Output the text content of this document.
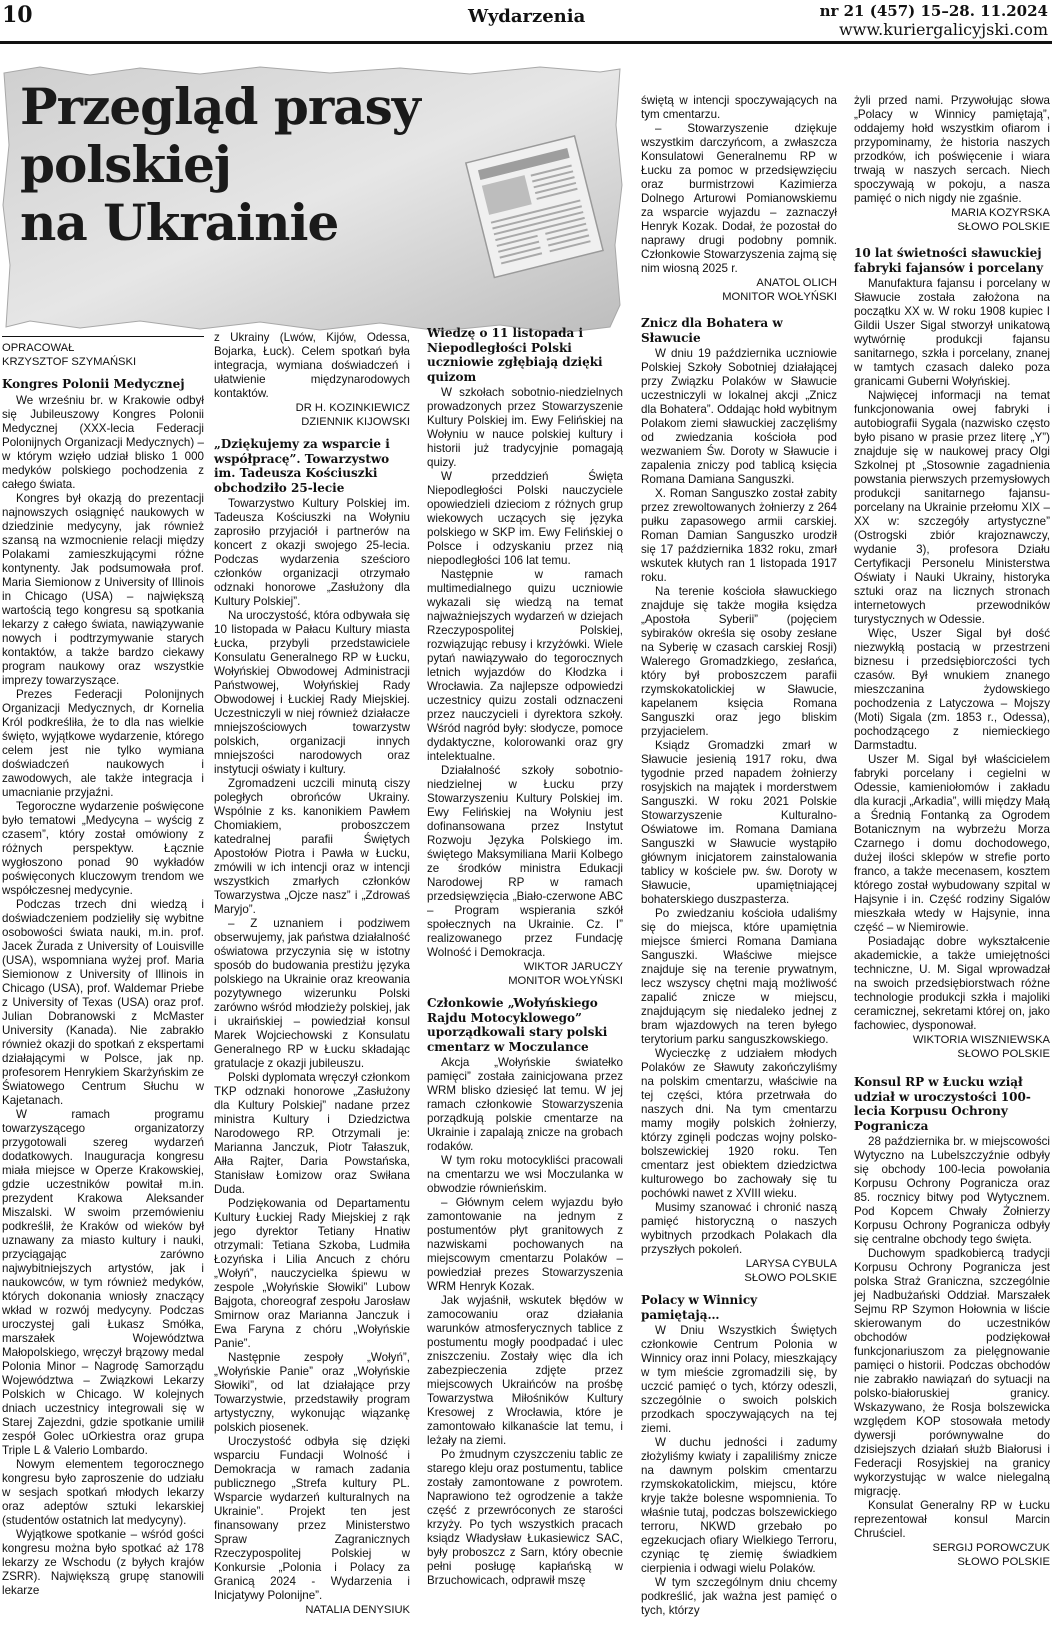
10	Wydarzenia	nr 21 (457) 15–28. 11.2024
www.kuriergalicyjski.com
Przegląd prasy
polskiej
na Ukrainie
OPRACOWAŁ
KRZYSZTOF SZYMAŃSKI
Kongres Polonii Medycznej

We wrześniu br. w Krakowie odbył się Jubileuszowy Kongres Polonii Medycznej (XXX-lecia Federacji Polonijnych Organizacji Medycznych) – w którym wzięło udział blisko 1 000 medyków polskiego pochodzenia z całego świata.

Kongres był okazją do prezentacji najnowszych osiągnięć naukowych w dziedzinie medycyny, jak również szansą na wzmocnienie relacji między Polakami zamieszkującymi różne kontynenty. Jak podsumowała prof. Maria Siemionow z University of Illinois in Chicago (USA) – największą wartością tego kongresu są spotkania lekarzy z całego świata, nawiązywanie nowych i podtrzymywanie starych kontaktów, a także bardzo ciekawy program naukowy oraz wszystkie imprezy towarzyszące.

Prezes Federacji Polonijnych Organizacji Medycznych, dr Kornelia Król podkreśliła, że to dla nas wielkie święto, wyjątkowe wydarzenie, którego celem jest nie tylko wymiana doświadczeń naukowych i zawodowych, ale także integracja i umacnianie przyjaźni.

Tegoroczne wydarzenie poświęcone było tematowi „Medycyna – wyścig z czasem”, który został omówiony z różnych perspektyw. Łącznie wygłoszono ponad 90 wykładów poświęconych kluczowym trendom we współczesnej medycynie.

Podczas trzech dni wiedzą i doświadczeniem podzieliły się wybitne osobowości świata nauki, m.in. prof. Jacek Żurada z University of Louisville (USA), wspomniana wyżej prof. Maria Siemionow z University of Illinois in Chicago (USA), prof. Waldemar Priebe z University of Texas (USA) oraz prof. Julian Dobranowski z McMaster University (Kanada). Nie zabrakło również okazji do spotkań z ekspertami działającymi w Polsce, jak np. profesorem Henrykiem Skarżyńskim ze Światowego Centrum Słuchu w Kajetanach.

W ramach programu towarzyszącego organizatorzy przygotowali szereg wydarzeń dodatkowych. Inauguracja kongresu miała miejsce w Operze Krakowskiej, gdzie uczestników powitał m.in. prezydent Krakowa Aleksander Miszalski. W swoim przemówieniu podkreślił, że Kraków od wieków był uznawany za miasto kultury i nauki, przyciągając zarówno najwybitniejszych artystów, jak i naukowców, w tym również medyków, których dokonania wniosły znaczący wkład w rozwój medycyny. Podczas uroczystej gali Łukasz Smółka, marszałek Województwa Małopolskiego, wręczył brązowy medal Polonia Minor – Nagrodę Samorządu Województwa – Związkowi Lekarzy Polskich w Chicago. W kolejnych dniach uczestnicy integrowali się w Starej Zajezdni, gdzie spotkanie umilił zespół Golec uOrkiestra oraz grupa Triple L & Valerio Lombardo.

Nowym elementem tegorocznego kongresu było zaproszenie do udziału w sesjach spotkań młodych lekarzy oraz adeptów sztuki lekarskiej (studentów ostatnich lat medycyny).

Wyjątkowe spotkanie – wśród gości kongresu można było spotkać aż 178 lekarzy ze Wschodu (z byłych krajów ZSRR). Największą grupę stanowili lekarze

z Ukrainy (Lwów, Kijów, Odessa, Bojarka, Łuck). Celem spotkań była integracja, wymiana doświadczeń i ułatwienie międzynarodowych kontaktów.

DR H. KOZINKIEWICZ
DZIENNIK KIJOWSKI
„Dziękujemy za wsparcie i współpracę”. Towarzystwo im. Tadeusza Kościuszki obchodziło 25-lecie

Towarzystwo Kultury Polskiej im. Tadeusza Kościuszki na Wołyniu zaprosiło przyjaciół i partnerów na koncert z okazji swojego 25-lecia. Podczas wydarzenia sześcioro członków organizacji otrzymało odznaki honorowe „Zasłużony dla Kultury Polskiej”.

Na uroczystość, która odbywała się 10 listopada w Pałacu Kultury miasta Łucka, przybyli przedstawiciele Konsulatu Generalnego RP w Łucku, Wołyńskiej Obwodowej Administracji Państwowej, Wołyńskiej Rady Obwodowej i Łuckiej Rady Miejskiej. Uczestniczyli w niej również działacze mniejszościowych towarzystw polskich, organizacji innych mniejszości narodowych oraz instytucji oświaty i kultury.

Zgromadzeni uczcili minutą ciszy poległych obrońców Ukrainy. Wspólnie z ks. kanonikiem Pawłem Chomiakiem, proboszczem katedralnej parafii Świętych Apostołów Piotra i Pawła w Łucku, zmówili w ich intencji oraz w intencji wszystkich zmarłych członków Towarzystwa „Ojcze nasz” i „Zdrowaś Maryjo”.

– Z uznaniem i podziwem obserwujemy, jak państwa działalność oświatowa przyczynia się w istotny sposób do budowania prestiżu języka polskiego na Ukrainie oraz kreowania pozytywnego wizerunku Polski zarówno wśród młodzieży polskiej, jak i ukraińskiej – powiedział konsul Marek Wojciechowski z Konsulatu Generalnego RP w Łucku składając gratulacje z okazji jubileuszu.

Polski dyplomata wręczył członkom TKP odznaki honorowe „Zasłużony dla Kultury Polskiej” nadane przez ministra Kultury i Dziedzictwa Narodowego RP. Otrzymali je: Marianna Janczuk, Piotr Tałaszuk, Ałła Rajter, Daria Powstańska, Stanisław Łomizow oraz Swiłana Duda.

Podziękowania od Departamentu Kultury Łuckiej Rady Miejskiej z rąk jego dyrektor Tetiany Hnatiw otrzymali: Tetiana Szkoba, Ludmiła Łozyńska i Lilia Ancuch z chóru „Wołyń”, nauczycielka śpiewu w zespole „Wołyńskie Słowiki” Lubow Bajgota, choreograf zespołu Jarosław Smirnow oraz Marianna Janczuk i Ewa Faryna z chóru „Wołyńskie Panie”.

Następnie zespoły „Wołyń”, „Wołyńskie Panie” oraz „Wołyńskie Słowiki”, od lat działające przy Towarzystwie, przedstawiły program artystyczny, wykonując wiązankę polskich piosenek.

Uroczystość odbyła się dzięki wsparciu Fundacji Wolność i Demokracja w ramach zadania publicznego „Strefa kultury PL. Wsparcie wydarzeń kulturalnych na Ukrainie”. Projekt ten jest finansowany przez Ministerstwo Spraw Zagranicznych Rzeczypospolitej Polskiej w Konkursie „Polonia i Polacy za Granicą 2024 - Wydarzenia i Inicjatywy Polonijne”.

NATALIA DENYSIUK
Wiedzę o 11 listopada i Niepodległości Polski uczniowie zgłębiają dzięki quizom

W szkołach sobotnio-niedzielnych prowadzonych przez Stowarzyszenie Kultury Polskiej im. Ewy Felińskiej na Wołyniu w nauce polskiej kultury i historii już tradycyjnie pomagają quizy.

W przeddzień Święta Niepodległości Polski nauczyciele opowiedzieli dzieciom z różnych grup wiekowych uczących się języka polskiego w SKP im. Ewy Felińskiej o Polsce i odzyskaniu przez nią niepodległości 106 lat temu.

Następnie w ramach multimedialnego quizu uczniowie wykazali się wiedzą na temat najważniejszych wydarzeń w dziejach Rzeczypospolitej Polskiej, rozwiązując rebusy i krzyżówki. Wiele pytań nawiązywało do tegorocznych letnich wyjazdów do Kłodzka i Wrocławia. Za najlepsze odpowiedzi uczestnicy quizu zostali odznaczeni przez nauczycieli i dyrektora szkoły. Wśród nagród były: słodycze, pomoce dydaktyczne, kolorowanki oraz gry intelektualne.

Działalność szkoły sobotnio-niedzielnej w Łucku przy Stowarzyszeniu Kultury Polskiej im. Ewy Felińskiej na Wołyniu jest dofinansowana przez Instytut Rozwoju Języka Polskiego im. świętego Maksymiliana Marii Kolbego ze środków ministra Edukacji Narodowej RP w ramach przedsięwzięcia „Biało-czerwone ABC – Program wspierania szkół społecznych na Ukrainie. Cz. I” realizowanego przez Fundację Wolność i Demokracja.

WIKTOR JARUCZY
MONITOR WOŁYŃSKI
Członkowie „Wołyńskiego Rajdu Motocyklowego” uporządkowali stary polski cmentarz w Moczulance

Akcja „Wołyńskie światełko pamięci” została zainicjowana przez WRM blisko dziesięć lat temu. W jej ramach członkowie Stowarzyszenia porządkują polskie cmentarze na Ukrainie i zapalają znicze na grobach rodaków.

W tym roku motocykliści pracowali na cmentarzu we wsi Moczulanka w obwodzie równieńskim.

– Głównym celem wyjazdu było zamontowanie na jednym z postumentów płyt granitowych z nazwiskami pochowanych na miejscowym cmentarzu Polaków – powiedział prezes Stowarzyszenia WRM Henryk Kozak.

Jak wyjaśnił, wskutek błędów w zamocowaniu oraz działania warunków atmosferycznych tablice z postumentu mogły poodpadać i ulec zniszczeniu. Zostały więc dla ich zabezpieczenia zdjęte przez miejscowych Ukraińców na prośbę Towarzystwa Miłośników Kultury Kresowej z Wrocławia, które je zamontowało kilkanaście lat temu, i leżały na ziemi.

Po żmudnym czyszczeniu tablic ze starego kleju oraz postumentu, tablice zostały zamontowane z powrotem. Naprawiono też ogrodzenie a także część z przewróconych ze starości krzyży. Po tych wszystkich pracach ksiądz Władysław Łukasiewicz SAC, były proboszcz z Sarn, który obecnie pełni posługę kapłańską w Brzuchowicach, odprawił mszę

świętą w intencji spoczywających na tym cmentarzu.

– Stowarzyszenie dziękuje wszystkim darczyńcom, a zwłaszcza Konsulatowi Generalnemu RP w Łucku za pomoc w przedsięwzięciu oraz burmistrzowi Kazimierza Dolnego Arturowi Pomianowskiemu za wsparcie wyjazdu – zaznaczył Henryk Kozak. Dodał, że pozostał do naprawy drugi podobny pomnik. Członkowie Stowarzyszenia zajmą się nim wiosną 2025 r.

ANATOL OLICH
MONITOR WOŁYŃSKI
Znicz dla Bohatera w Sławucie

W dniu 19 października uczniowie Polskiej Szkoły Sobotniej działającej przy Związku Polaków w Sławucie uczestniczyli w lokalnej akcji „Znicz dla Bohatera”. Oddając hołd wybitnym Polakom ziemi sławuckiej zaczęliśmy od zwiedzania kościoła pod wezwaniem Św. Doroty w Sławucie i zapalenia zniczy pod tablicą księcia Romana Damiana Sanguszki.

X. Roman Sanguszko został zabity przez zrewoltowanych żołnierzy z 264 pułku zapasowego armii carskiej. Roman Damian Sanguszko urodził się 17 października 1832 roku, zmarł wskutek kłutych ran 1 listopada 1917 roku.

Na terenie kościoła sławuckiego znajduje się także mogiła księdza „Apostoła Syberii” (pojęciem sybiraków określa się osoby zesłane na Syberię w czasach carskiej Rosji) Walerego Gromadzkiego, zesłańca, który był proboszczem parafii rzymskokatolickiej w Sławucie, kapelanem księcia Romana Sanguszki oraz jego bliskim przyjacielem.

Ksiądz Gromadzki zmarł w Sławucie jesienią 1917 roku, dwa tygodnie przed napadem żołnierzy rosyjskich na majątek i morderstwem Sanguszki. W roku 2021 Polskie Stowarzyszenie Kulturalno-Oświatowe im. Romana Damiana Sanguszki w Sławucie wystąpiło głównym inicjatorem zainstalowania tablicy w kościele pw. św. Doroty w Sławucie, upamiętniającej bohaterskiego duszpasterza.

Po zwiedzaniu kościoła udaliśmy się do miejsca, które upamiętnia miejsce śmierci Romana Damiana Sanguszki. Właściwe miejsce znajduje się na terenie prywatnym, lecz wszyscy chętni mają możliwość zapalić znicze w miejscu, znajdującym się niedaleko jednej z bram wjazdowych na teren byłego terytorium parku sanguszkowskiego.

Wycieczkę z udziałem młodych Polaków ze Sławuty zakończyliśmy na polskim cmentarzu, właściwie na tej części, która przetrwała do naszych dni. Na tym cmentarzu mamy mogiły polskich żołnierzy, którzy zginęli podczas wojny polsko-bolszewickiej 1920 roku. Ten cmentarz jest obiektem dziedzictwa kulturowego bo zachowały się tu pochówki nawet z XVIII wieku.

Musimy szanować i chronić naszą pamięć historyczną o naszych wybitnych przodkach Polakach dla przyszłych pokoleń.

LARYSA CYBULA
SŁOWO POLSKIE
Polacy w Winnicy pamiętają…

W Dniu Wszystkich Świętych członkowie Centrum Polonia w Winnicy oraz inni Polacy, mieszkający w tym mieście zgromadzili się, by uczcić pamięć o tych, którzy odeszli, szczególnie o swoich polskich przodkach spoczywających na tej ziemi.

W duchu jedności i zadumy złożyliśmy kwiaty i zapaliliśmy znicze na dawnym polskim cmentarzu rzymskokatolickim, miejscu, które kryje także bolesne wspomnienia. To właśnie tutaj, podczas bolszewickiego terroru, NKWD grzebało po egzekucjach ofiary Wielkiego Terroru, czyniąc tę ziemię świadkiem cierpienia i odwagi wielu Polaków.

W tym szczególnym dniu chcemy podkreślić, jak ważna jest pamięć o tych, którzy

żyli przed nami. Przywołując słowa „Polacy w Winnicy pamiętają”, oddajemy hołd wszystkim ofiarom i przypominamy, że historia naszych przodków, ich poświęcenie i wiara trwają w naszych sercach. Niech spoczywają w pokoju, a nasza pamięć o nich nigdy nie zgaśnie.

MARIA KOZYRSKA
SŁOWO POLSKIE
10 lat świetności sławuckiej fabryki fajansów i porcelany

Manufaktura fajansu i porcelany w Sławucie została założona na początku XX w. W roku 1908 kupiec I Gildii Uszer Sigal stworzył unikatową wytwórnię produkcji fajansu sanitarnego, szkła i porcelany, znanej w tamtych czasach daleko poza granicami Guberni Wołyńskiej.

Najwięcej informacji na temat funkcjonowania owej fabryki i autobiografii Sygala (nazwisko często było pisano w prasie przez literę „Y”) znajduje się w naukowej pracy Olgi Szkolnej pt „Stosownie zagadnienia powstania pierwszych przemysłowych produkcji sanitarnego fajansu-porcelany na Ukrainie przełomu XIX – XX w: szczegóły artystyczne” (Ostrogski zbiór krajoznawczy, wydanie 3), profesora Działu Certyfikacji Personelu Ministerstwa Oświaty i Nauki Ukrainy, historyka sztuki oraz na licznych stronach internetowych przewodników turystycznych w Odessie.

Więc, Uszer Sigal był dość niezwykłą postacią w przestrzeni biznesu i przedsiębiorczości tych czasów. Był wnukiem znanego mieszczanina żydowskiego pochodzenia z Latyczowa – Mojszy (Moti) Sigala (zm. 1853 r., Odessa), pochodzącego z niemieckiego Darmstadtu.

Uszer M. Sigal był właścicielem fabryki porcelany i cegielni w Odessie, kamieniołomów i zakładu dla kuracji „Arkadia”, willi między Małą a Średnią Fontanką za Ogrodem Botanicznym na wybrzeżu Morza Czarnego i domu dochodowego, dużej ilości sklepów w strefie porto franco, a także mecenasem, kosztem którego został wybudowany szpital w Hajsynie i in. Część rodziny Sigalów mieszkała wtedy w Hajsynie, inna część – w Niemirowie.

Posiadając dobre wykształcenie akademickie, a także umiejętności techniczne, U. M. Sigal wprowadzał na swoich przedsiębiorstwach różne technologie produkcji szkła i majoliki ceramicznej, sekretami której on, jako fachowiec, dysponował.

WIKTORIA WISZNIEWSKA
SŁOWO POLSKIE
Konsul RP w Łucku wziął udział w uroczystości 100-lecia Korpusu Ochrony Pogranicza

28 października br. w miejscowości Wytyczno na Lubelszczyźnie odbyły się obchody 100-lecia powołania Korpusu Ochrony Pogranicza oraz 85. rocznicy bitwy pod Wytycznem. Pod Kopcem Chwały Żołnierzy Korpusu Ochrony Pogranicza odbyły się centralne obchody tego święta.

Duchowym spadkobiercą tradycji Korpusu Ochrony Pogranicza jest polska Straż Graniczna, szczególnie jej Nadbużański Oddział. Marszałek Sejmu RP Szymon Hołownia w liście skierowanym do uczestników obchodów podziękował funkcjonariuszom za pielęgnowanie pamięci o historii. Podczas obchodów nie zabrakło nawiązań do sytuacji na polsko-białoruskiej granicy. Wskazywano, że Rosja bolszewicka względem KOP stosowała metody dywersji porównywalne do dzisiejszych działań służb Białorusi i Federacji Rosyjskiej na granicy wykorzystując w walce nielegalną migrację.

Konsulat Generalny RP w Łucku reprezentował konsul Marcin Chruściel.

SERGIJ POROWCZUK
SŁOWO POLSKIE
